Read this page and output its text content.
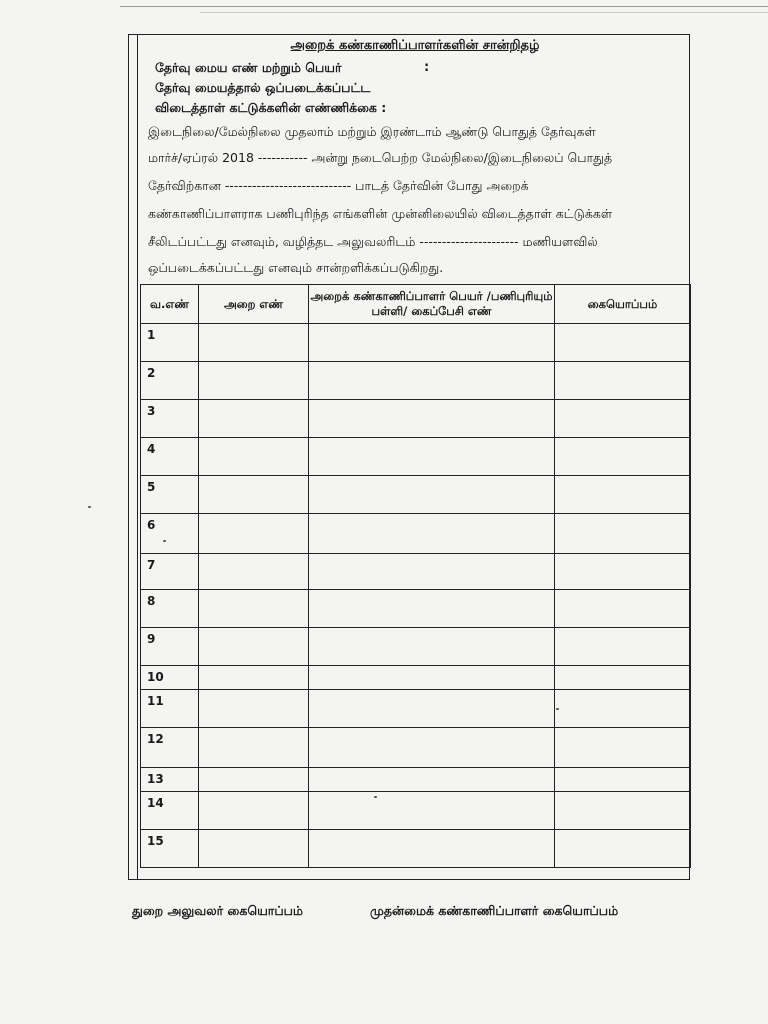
அறைக் கண்காணிப்பாளர்களின் சான்றிதழ்
தேர்வு மைய எண் மற்றும் பெயர்	:
தேர்வு மையத்தால் ஒப்படைக்கப்பட்ட
விடைத்தாள் கட்டுக்களின் எண்ணிக்கை :
இடைநிலை/மேல்நிலை முதலாம் மற்றும் இரண்டாம் ஆண்டு பொதுத் தேர்வுகள்
மார்ச்/ஏப்ரல் 2018 ----------- அன்று நடைபெற்ற மேல்நிலை/இடைநிலைப் பொதுத்
தேர்விற்கான ---------------------------- பாடத் தேர்வின் போது அறைக்
கண்காணிப்பாளராக பணிபுரிந்த எங்களின் முன்னிலையில் விடைத்தாள் கட்டுக்கள்
சீலிடப்பட்டது எனவும், வழித்தட அலுவலரிடம் ---------------------- மணியளவில்
ஒப்படைக்கப்பட்டது எனவும் சான்றளிக்கப்படுகிறது.
வ.எண்	அறை எண்	அறைக் கண்காணிப்பாளர் பெயர் /பணிபுரியும் பள்ளி/ கைப்பேசி எண்	கையொப்பம்
1			
2			
3			
4			
5			
6			
7			
8			
9			
10			
11			
12			
13			
14			
15			
துறை அலுவலர் கையொப்பம்	முதன்மைக் கண்காணிப்பாளர் கையொப்பம்
